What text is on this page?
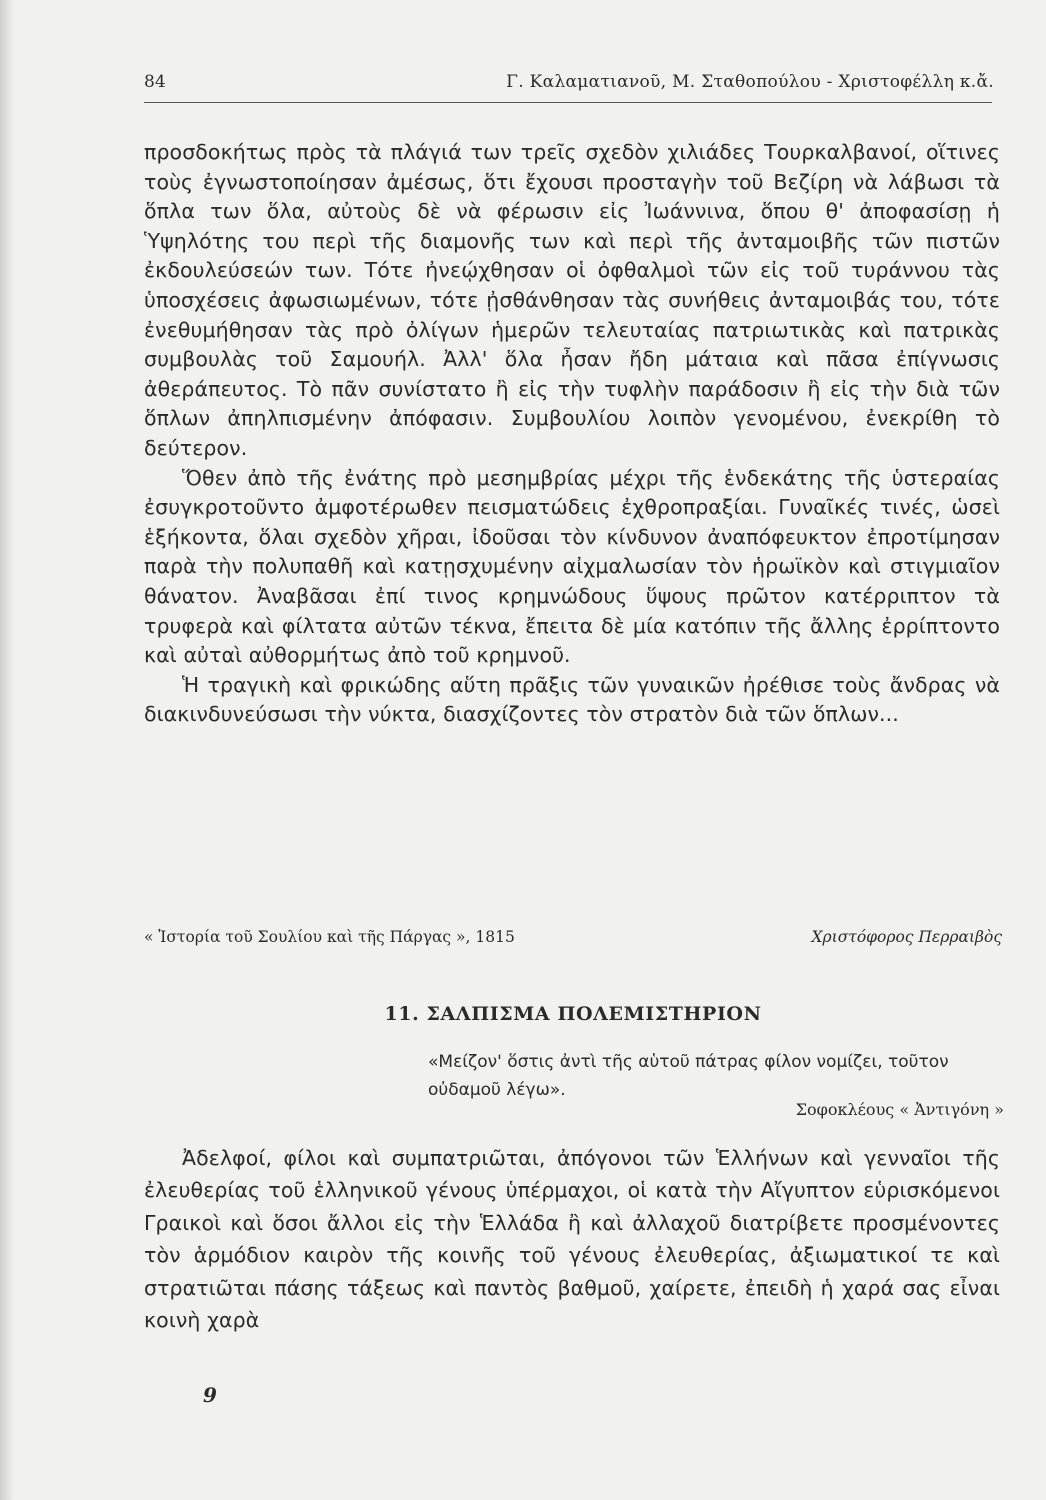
84	Γ. Καλαματιανοῦ, Μ. Σταθοπούλου - Χριστοφέλλη κ.ἄ.

προσδοκήτως πρὸς τὰ πλάγιά των τρεῖς σχεδὸν χιλιάδες Τουρκαλβανοί, οἵτινες τοὺς ἐγνωστοποίησαν ἀμέσως, ὅτι ἔχουσι προσταγὴν τοῦ Βεζίρη νὰ λάβωσι τὰ ὅπλα των ὅλα, αὐτοὺς δὲ νὰ φέρωσιν εἰς Ἰωάννινα, ὅπου θ' ἀποφασίσῃ ἡ Ὑψηλότης του περὶ τῆς διαμονῆς των καὶ περὶ τῆς ἀνταμοιβῆς τῶν πιστῶν ἐκδουλεύσεών των. Τότε ἠνεῴχθησαν οἱ ὀφθαλμοὶ τῶν εἰς τοῦ τυράννου τὰς ὑποσχέσεις ἀφωσιωμένων, τότε ᾐσθάνθησαν τὰς συνήθεις ἀνταμοιβάς του, τότε ἐνεθυμήθησαν τὰς πρὸ ὀλίγων ἡμερῶν τελευταίας πατριωτικὰς καὶ πατρικὰς συμβουλὰς τοῦ Σαμουήλ. Ἀλλ' ὅλα ἦσαν ἤδη μάταια καὶ πᾶσα ἐπίγνωσις ἀθεράπευτος. Τὸ πᾶν συνίστατο ἢ εἰς τὴν τυφλὴν παράδοσιν ἢ εἰς τὴν διὰ τῶν ὅπλων ἀπηλπισμένην ἀπόφασιν. Συμβουλίου λοιπὸν γενομένου, ἐνεκρίθη τὸ δεύτερον.

Ὅθεν ἀπὸ τῆς ἐνάτης πρὸ μεσημβρίας μέχρι τῆς ἑνδεκάτης τῆς ὑστεραίας ἐσυγκροτοῦντο ἀμφοτέρωθεν πεισματώδεις ἐχθροπραξίαι. Γυναῖκές τινές, ὡσεὶ ἑξήκοντα, ὅλαι σχεδὸν χῆραι, ἰδοῦσαι τὸν κίνδυνον ἀναπόφευκτον ἐπροτίμησαν παρὰ τὴν πολυπαθῆ καὶ κατῃσχυμένην αἰχμαλωσίαν τὸν ἡρωϊκὸν καὶ στιγμιαῖον θάνατον. Ἀναβᾶσαι ἐπί τινος κρημνώδους ὕψους πρῶτον κατέρριπτον τὰ τρυφερὰ καὶ φίλτατα αὐτῶν τέκνα, ἔπειτα δὲ μία κατόπιν τῆς ἄλλης ἐρρίπτοντο καὶ αὐταὶ αὐθορμήτως ἀπὸ τοῦ κρημνοῦ.

Ἡ τραγικὴ καὶ φρικώδης αὕτη πρᾶξις τῶν γυναικῶν ἠρέθισε τοὺς ἄνδρας νὰ διακινδυνεύσωσι τὴν νύκτα, διασχίζοντες τὸν στρατὸν διὰ τῶν ὅπλων...

« Ἱστορία τοῦ Σουλίου καὶ τῆς Πάργας », 1815	Χριστόφορος Περραιβὸς
11. ΣΑΛΠΙΣΜΑ ΠΟΛΕΜΙΣΤΗΡΙΟΝ
«Μείζον' ὅστις ἀντὶ τῆς αὑτοῦ πάτρας φίλον νομίζει, τοῦτον οὐδαμοῦ λέγω».
Σοφοκλέους « Ἀντιγόνη »

Ἀδελφοί, φίλοι καὶ συμπατριῶται, ἀπόγονοι τῶν Ἑλλήνων καὶ γενναῖοι τῆς ἐλευθερίας τοῦ ἑλληνικοῦ γένους ὑπέρμαχοι, οἱ κατὰ τὴν Αἴγυπτον εὑρισκόμενοι Γραικοὶ καὶ ὅσοι ἄλλοι εἰς τὴν Ἑλλάδα ἢ καὶ ἀλλαχοῦ διατρίβετε προσμένοντες τὸν ἁρμόδιον καιρὸν τῆς κοινῆς τοῦ γένους ἐλευθερίας, ἀξιωματικοί τε καὶ στρατιῶται πάσης τάξεως καὶ παντὸς βαθμοῦ, χαίρετε, ἐπειδὴ ἡ χαρά σας εἶναι κοινὴ χαρὰ

9
